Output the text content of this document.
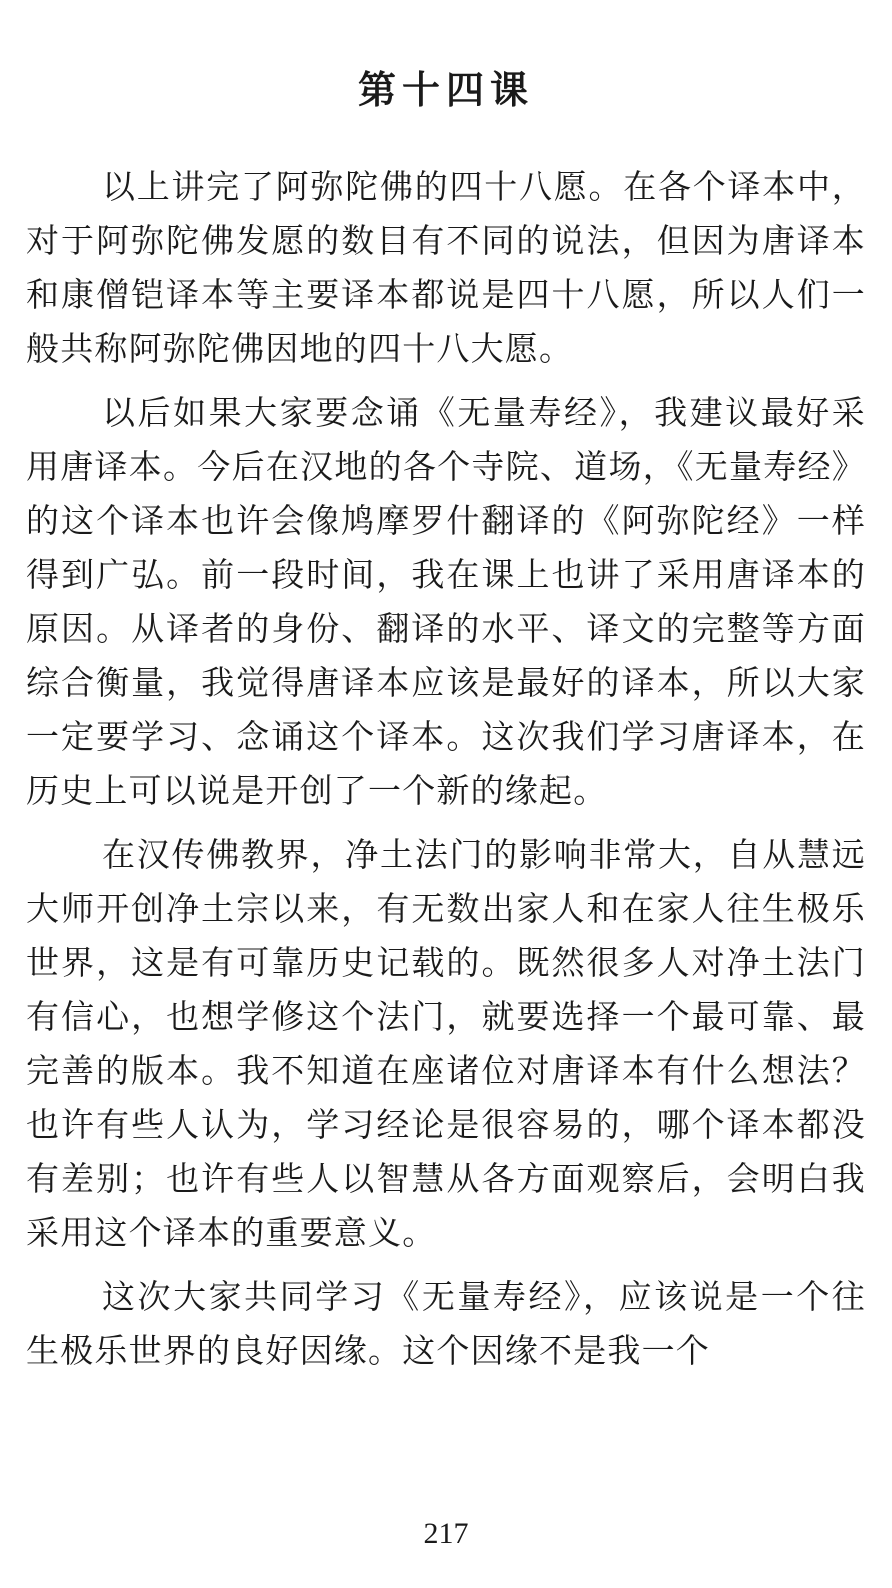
第十四课

以上讲完了阿弥陀佛的四十八愿。在各个译本中，对于阿弥陀佛发愿的数目有不同的说法，但因为唐译本和康僧铠译本等主要译本都说是四十八愿，所以人们一般共称阿弥陀佛因地的四十八大愿。

以后如果大家要念诵《无量寿经》，我建议最好采用唐译本。今后在汉地的各个寺院、道场，《无量寿经》的这个译本也许会像鸠摩罗什翻译的《阿弥陀经》一样得到广弘。前一段时间，我在课上也讲了采用唐译本的原因。从译者的身份、翻译的水平、译文的完整等方面综合衡量，我觉得唐译本应该是最好的译本，所以大家一定要学习、念诵这个译本。这次我们学习唐译本，在历史上可以说是开创了一个新的缘起。

在汉传佛教界，净土法门的影响非常大，自从慧远大师开创净土宗以来，有无数出家人和在家人往生极乐世界，这是有可靠历史记载的。既然很多人对净土法门有信心，也想学修这个法门，就要选择一个最可靠、最完善的版本。我不知道在座诸位对唐译本有什么想法？也许有些人认为，学习经论是很容易的，哪个译本都没有差别；也许有些人以智慧从各方面观察后，会明白我采用这个译本的重要意义。

这次大家共同学习《无量寿经》，应该说是一个往生极乐世界的良好因缘。这个因缘不是我一个

217
